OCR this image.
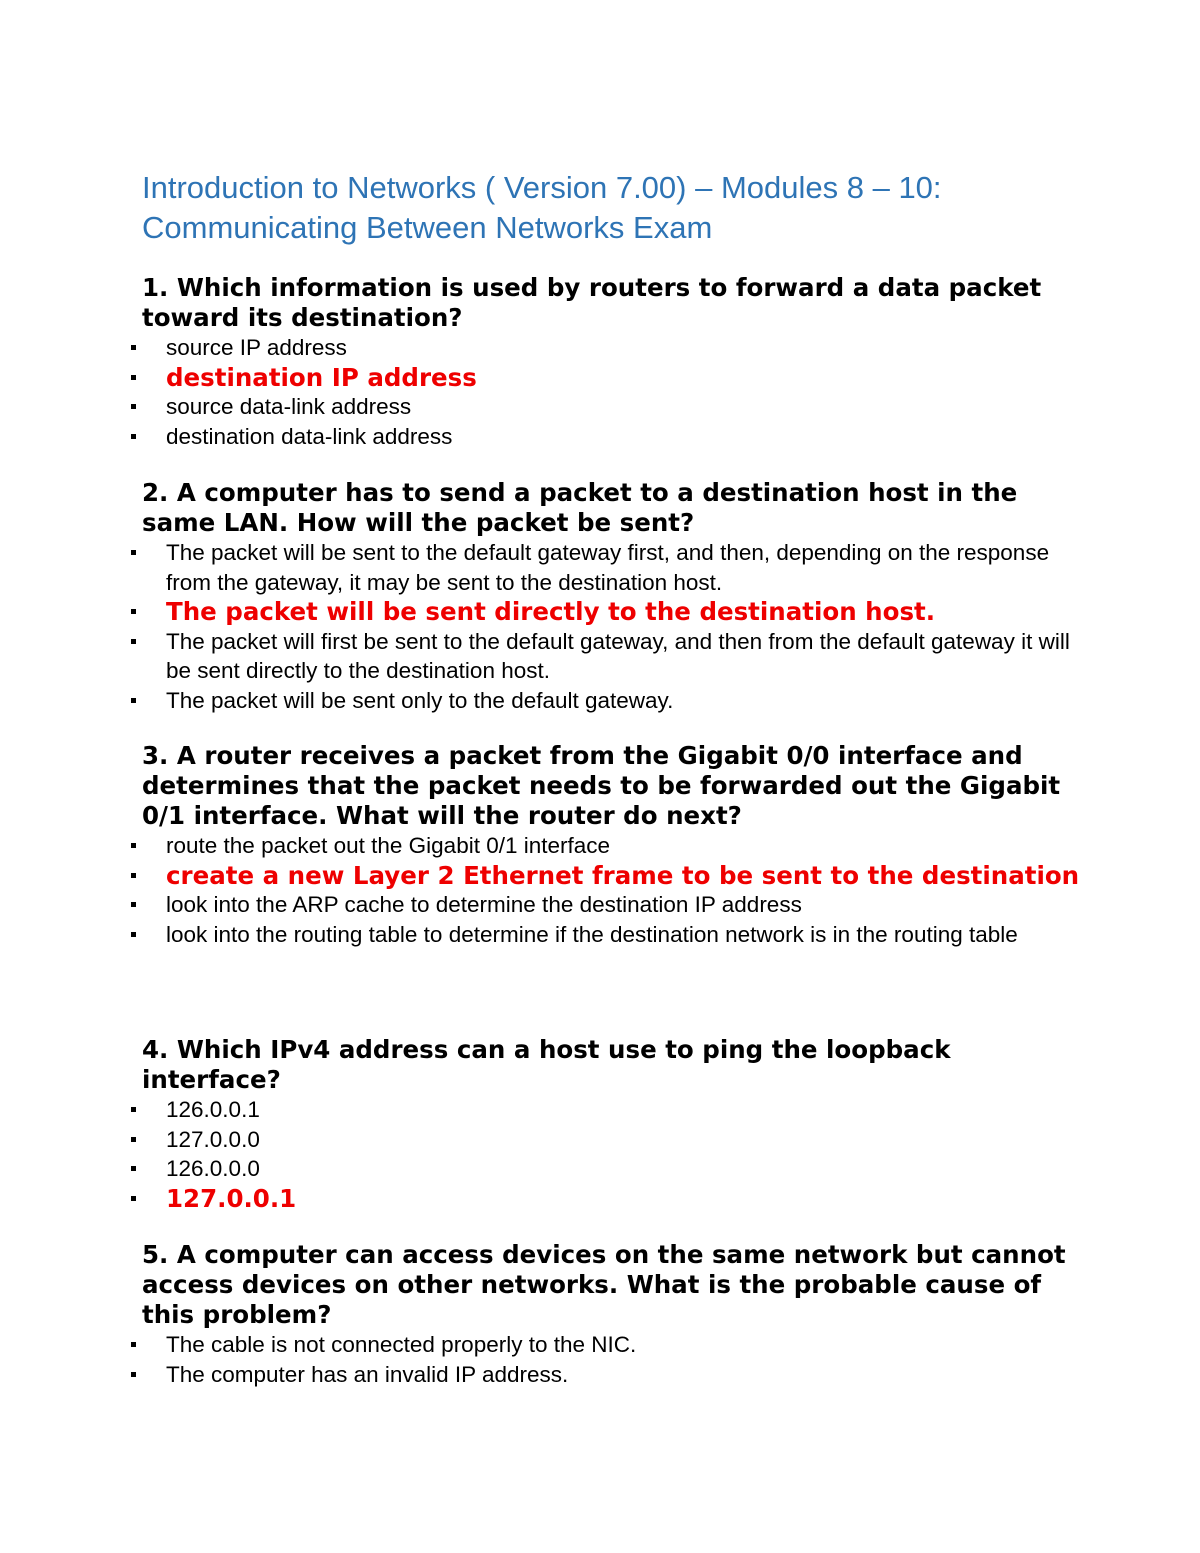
Introduction to Networks ( Version 7.00) – Modules 8 – 10:
Communicating Between Networks Exam

1. Which information is used by routers to forward a data packet toward its destination?

source IP address
destination IP address
source data-link address
destination data-link address

2. A computer has to send a packet to a destination host in the same LAN. How will the packet be sent?

The packet will be sent to the default gateway first, and then, depending on the response from the gateway, it may be sent to the destination host.
The packet will be sent directly to the destination host.
The packet will first be sent to the default gateway, and then from the default gateway it will be sent directly to the destination host.
The packet will be sent only to the default gateway.

3. A router receives a packet from the Gigabit 0/0 interface and determines that the packet needs to be forwarded out the Gigabit 0/1 interface. What will the router do next?

route the packet out the Gigabit 0/1 interface
create a new Layer 2 Ethernet frame to be sent to the destination
look into the ARP cache to determine the destination IP address
look into the routing table to determine if the destination network is in the routing table

4. Which IPv4 address can a host use to ping the loopback interface?

126.0.0.1
127.0.0.0
126.0.0.0
127.0.0.1

5. A computer can access devices on the same network but cannot access devices on other networks. What is the probable cause of this problem?

The cable is not connected properly to the NIC.
The computer has an invalid IP address.
